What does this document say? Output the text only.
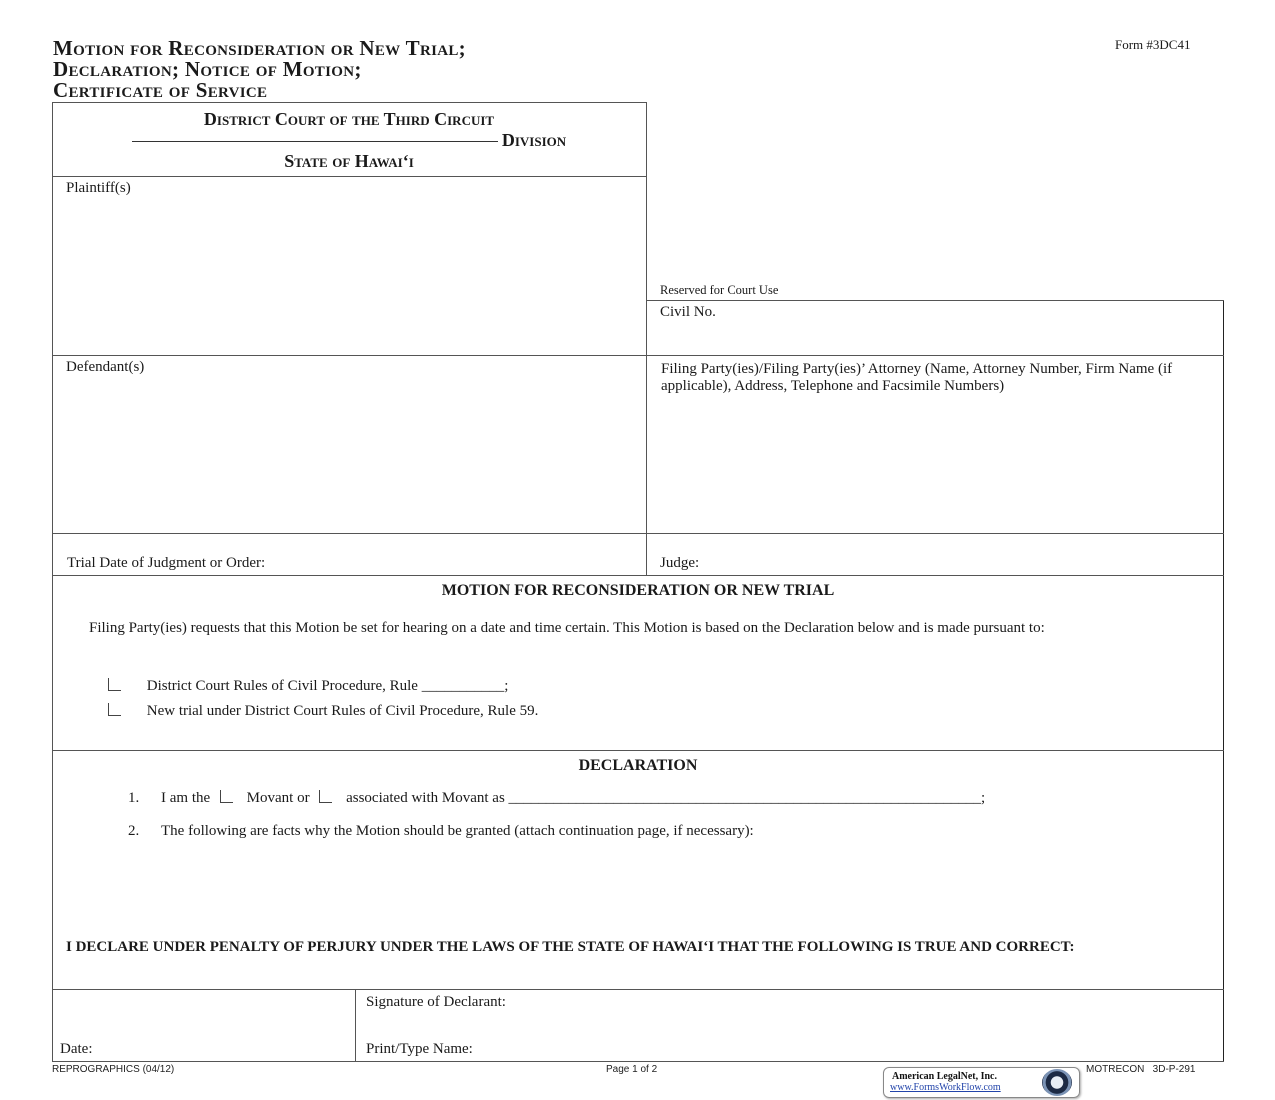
Motion for Reconsideration or New Trial;
Declaration; Notice of Motion;
Certificate of Service
Form #3DC41
District Court of the Third Circuit
Division
State of Hawai‘i
Plaintiff(s)
Reserved for Court Use
Civil No.
Defendant(s)	Filing Party(ies)/Filing Party(ies)’ Attorney (Name, Attorney Number, Firm Name (if applicable), Address, Telephone and Facsimile Numbers)
Trial Date of Judgment or Order:	Judge:
MOTION FOR RECONSIDERATION OR NEW TRIAL
Filing Party(ies) requests that this Motion be set for hearing on a date and time certain. This Motion is based on the Declaration below and is made pursuant to:
District Court Rules of Civil Procedure, Rule ___________;
New trial under District Court Rules of Civil Procedure, Rule 59.
DECLARATION
1. I am the Movant or associated with Movant as _______________________________________________________________;
2. The following are facts why the Motion should be granted (attach continuation page, if necessary):
I DECLARE UNDER PENALTY OF PERJURY UNDER THE LAWS OF THE STATE OF HAWAI‘I THAT THE FOLLOWING IS TRUE AND CORRECT:
Date:
Signature of Declarant:
Print/Type Name:
REPROGRAPHICS (04/12)	Page 1 of 2	MOTRECON   3D-P-291
American LegalNet, Inc.
www.FormsWorkFlow.com
